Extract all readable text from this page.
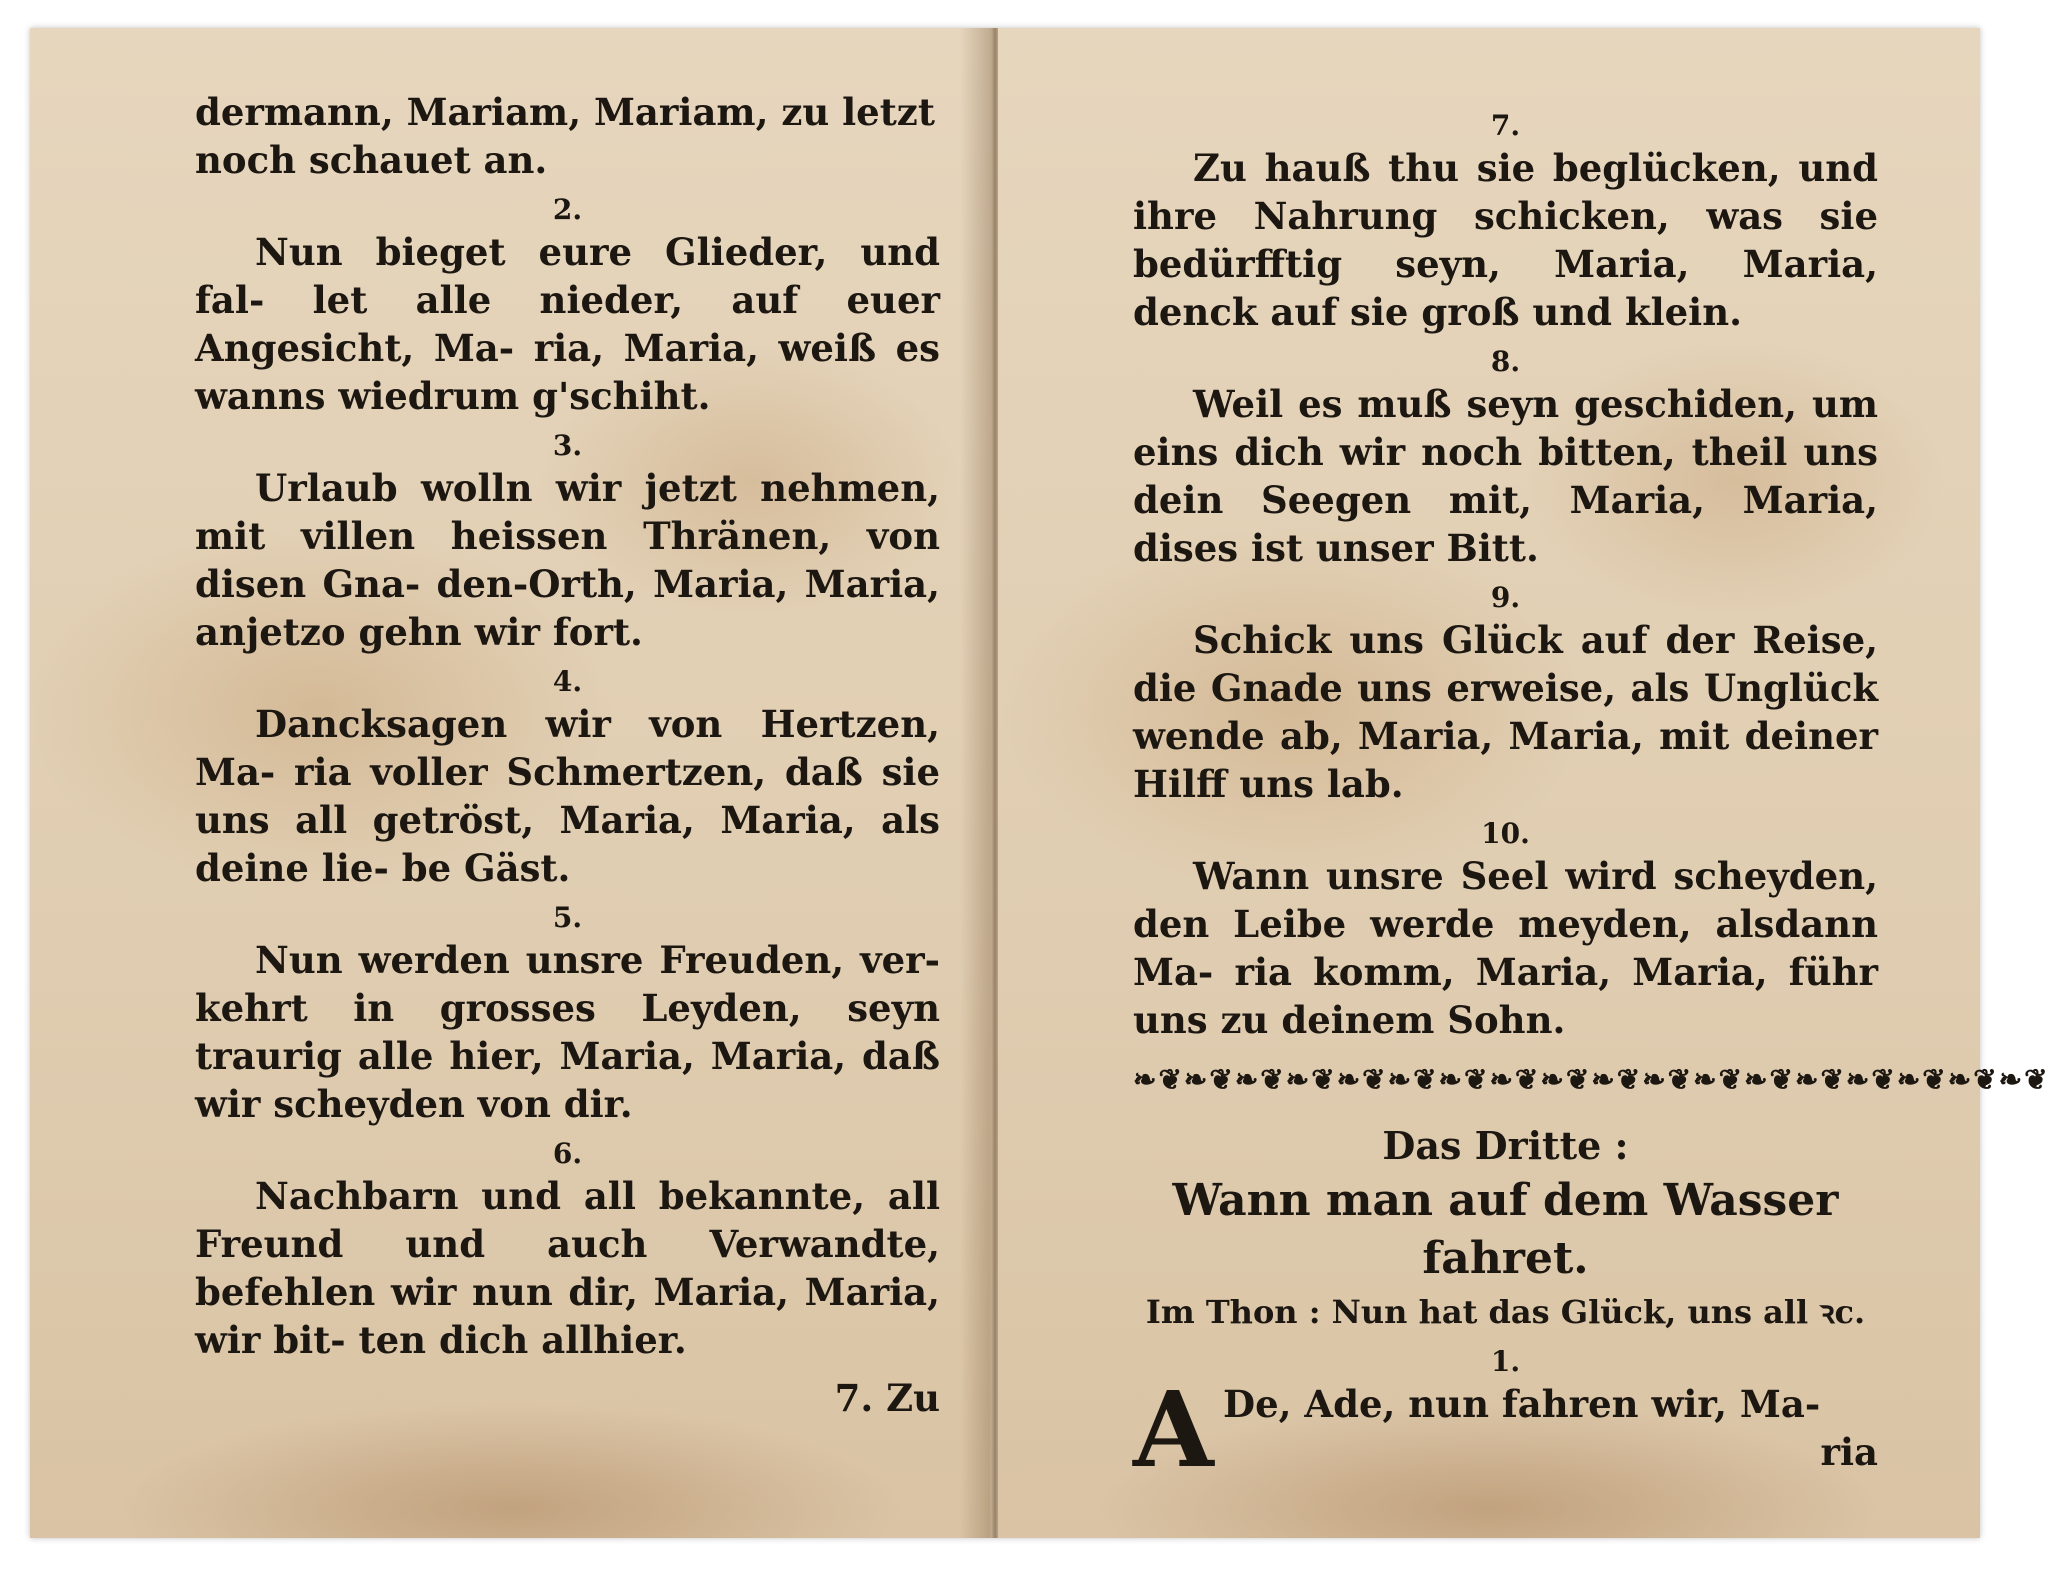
dermann, Mariam, Mariam, zu letzt
noch schauet an.

2.

Nun bieget eure Glieder, und fal- let alle nieder, auf euer Angesicht, Ma- ria, Maria, weiß es wanns wiedrum g'schiht.

3.

Urlaub wolln wir jetzt nehmen, mit villen heissen Thränen, von disen Gna- den-Orth, Maria, Maria, anjetzo gehn wir fort.

4.

Dancksagen wir von Hertzen, Ma- ria voller Schmertzen, daß sie uns all getröst, Maria, Maria, als deine lie- be Gäst.

5.

Nun werden unsre Freuden, ver- kehrt in grosses Leyden, seyn traurig alle hier, Maria, Maria, daß wir scheyden von dir.

6.

Nachbarn und all bekannte, all Freund und auch Verwandte, befehlen wir nun dir, Maria, Maria, wir bit- ten dich allhier.

7. Zu
7.

Zu hauß thu sie beglücken, und ihre Nahrung schicken, was sie bedürfftig seyn, Maria, Maria, denck auf sie groß und klein.

8.

Weil es muß seyn geschiden, um eins dich wir noch bitten, theil uns dein Seegen mit, Maria, Maria, dises ist unser Bitt.

9.

Schick uns Glück auf der Reise, die Gnade uns erweise, als Unglück wende ab, Maria, Maria, mit deiner Hilff uns lab.

10.

Wann unsre Seel wird scheyden, den Leibe werde meyden, alsdann Ma- ria komm, Maria, Maria, führ uns zu deinem Sohn.

❧❦❧❦❧❦❧❦❧❦❧❦❧❦❧❦❧❦❧❦❧❦❧❦❧❦❧❦❧❦❧❦❧❦❧❦
Das Dritte :
Wann man auf dem Wasser fahret.
Im Thon : Nun hat das Glück, uns all ꝛc.
1.
A De, Ade, nun fahren wir, Ma-
ria
